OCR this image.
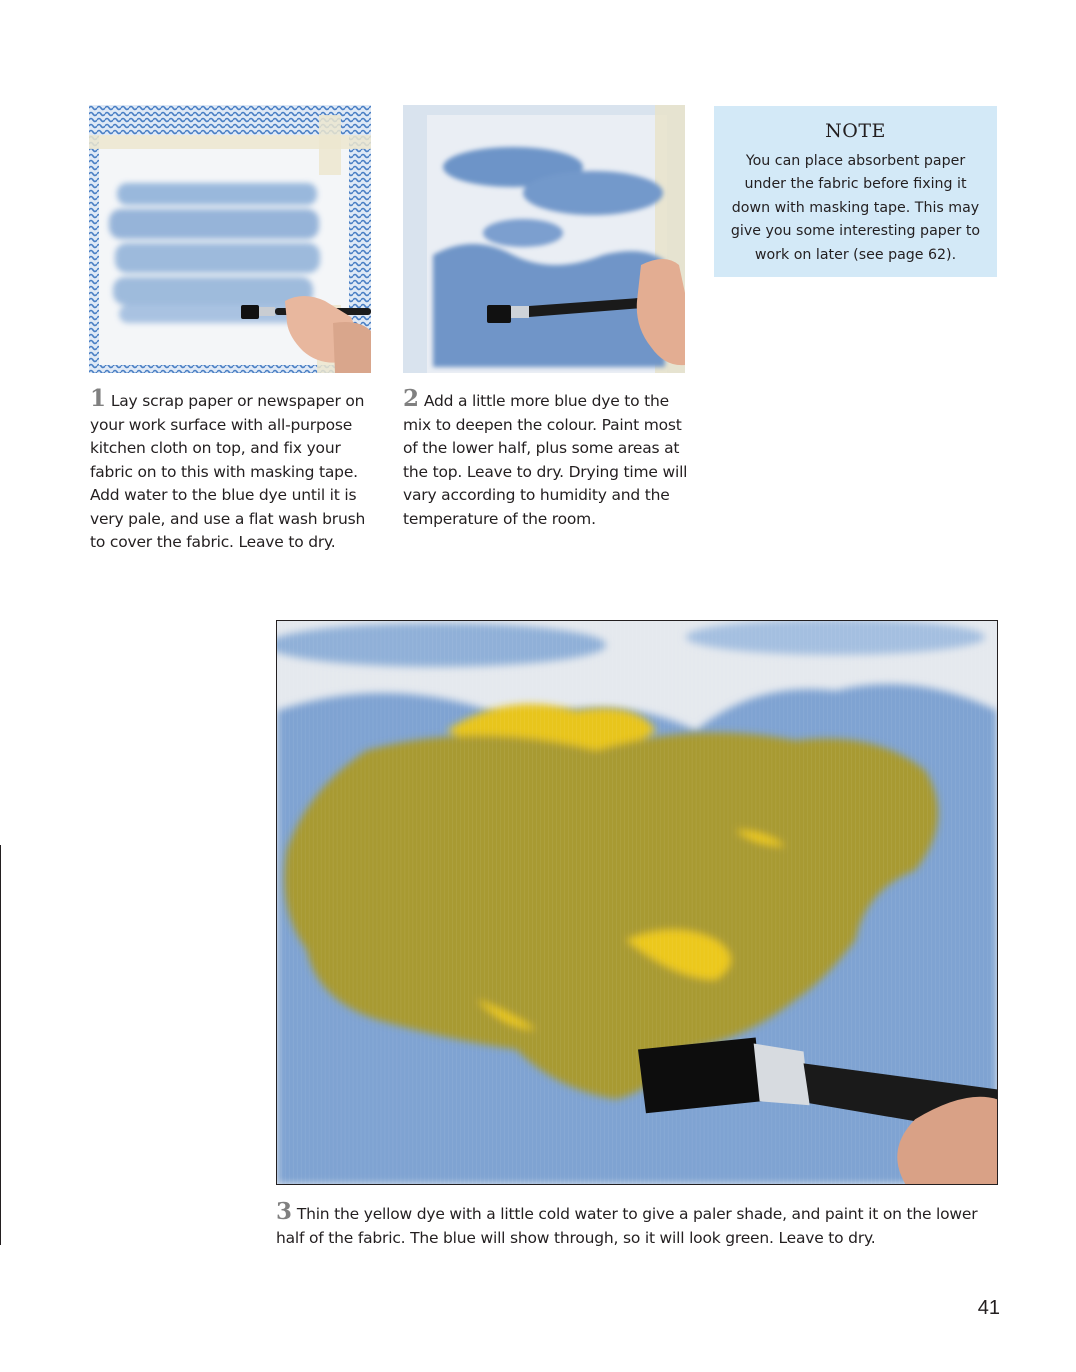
1 Lay scrap paper or newspaper on your work surface with all-purpose kitchen cloth on top, and fix your fabric on to this with masking tape. Add water to the blue dye until it is very pale, and use a flat wash brush to cover the fabric. Leave to dry.
2 Add a little more blue dye to the mix to deepen the colour. Paint most of the lower half, plus some areas at the top. Leave to dry. Drying time will vary according to humidity and the temperature of the room.
3 Thin the yellow dye with a little cold water to give a paler shade, and paint it on the lower half of the fabric. The blue will show through, so it will look green. Leave to dry.
NOTE
You can place absorbent paper under the fabric before fixing it down with masking tape. This may give you some interesting paper to work on later (see page 62).
41
